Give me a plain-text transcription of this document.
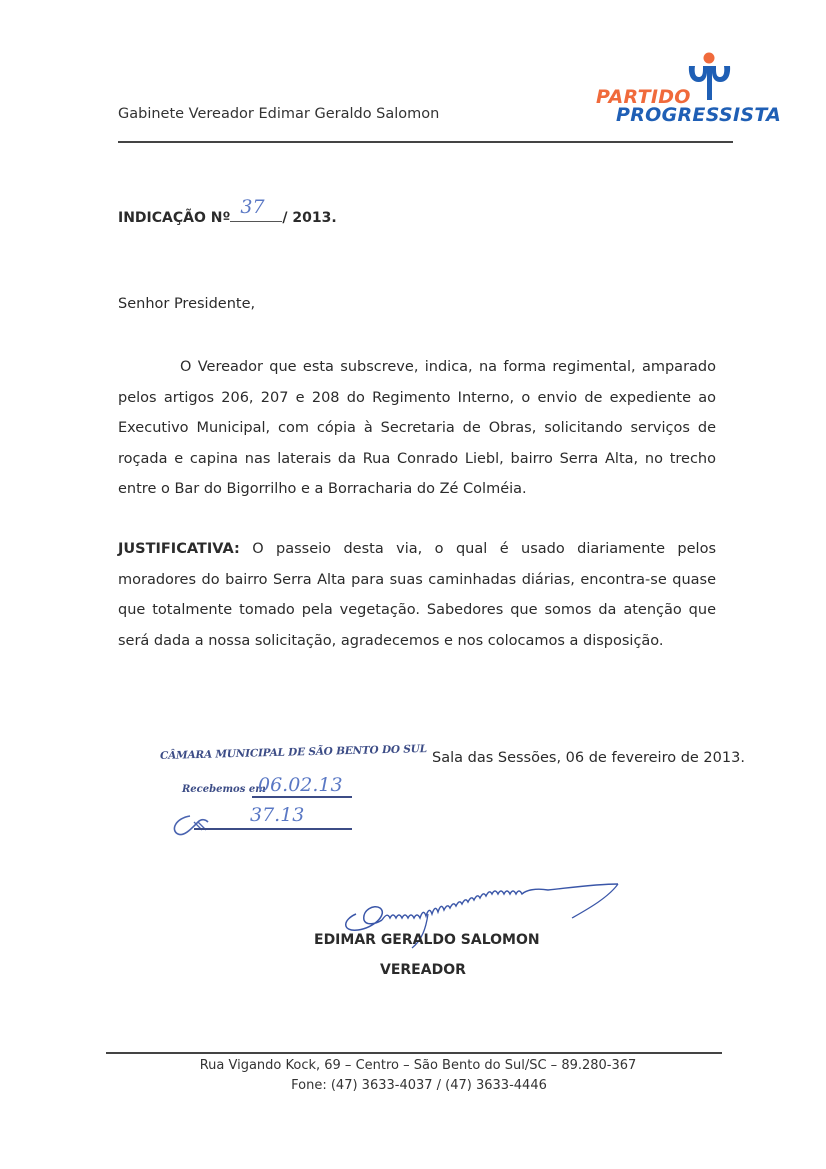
Gabinete Vereador Edimar Geraldo Salomon
PARTIDO
PROGRESSISTA
INDICAÇÃO Nº 37 / 2013.
Senhor Presidente,
O Vereador que esta subscreve, indica, na forma regimental, amparado pelos artigos 206, 207 e 208 do Regimento Interno, o envio de expediente ao Executivo Municipal, com cópia à Secretaria de Obras, solicitando serviços de roçada e capina nas laterais da Rua Conrado Liebl, bairro Serra Alta, no trecho entre o Bar do Bigorrilho e a Borracharia do Zé Colméia.
JUSTIFICATIVA: O passeio desta via, o qual é usado diariamente pelos moradores do bairro Serra Alta para suas caminhadas diárias, encontra-se quase que totalmente tomado pela vegetação. Sabedores que somos da atenção que será dada a nossa solicitação, agradecemos e nos colocamos a disposição.
CÂMARA MUNICIPAL DE SÃO BENTO DO SUL
Recebemos em
06.02.13
37.13
Sala das Sessões, 06 de fevereiro de 2013.
EDIMAR GERALDO SALOMON
VEREADOR
Rua Vigando Kock, 69 – Centro – São Bento do Sul/SC – 89.280-367
Fone: (47) 3633-4037 / (47) 3633-4446
